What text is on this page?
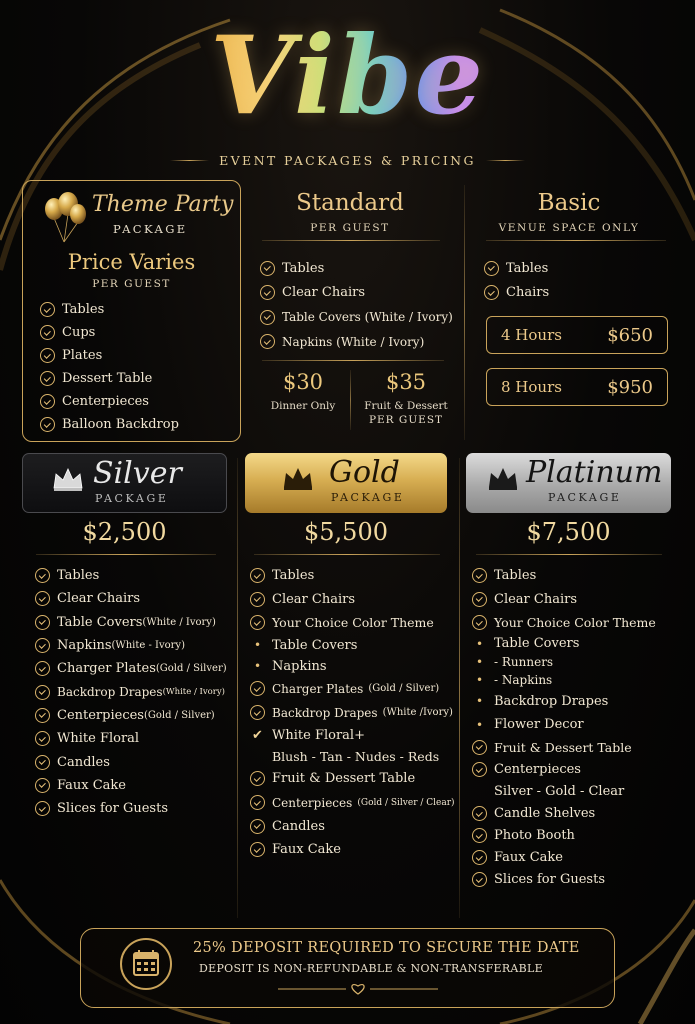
Vibe
EVENT PACKAGES & PRICING
Theme Party
PACKAGE
Price Varies
PER GUEST
Tables
Cups
Plates
Dessert Table
Centerpieces
Balloon Backdrop
Standard
PER GUEST
Tables
Clear Chairs
Table Covers (White / Ivory)
Napkins (White / Ivory)
$30
Dinner Only
$35
Fruit & Dessert
PER GUEST
Basic
VENUE SPACE ONLY
Tables
Chairs
4 Hours	$650
8 Hours	$950
Silver
PACKAGE
Gold
PACKAGE
Platinum
PACKAGE
$2,500	$5,500	$7,500
Tables
Clear Chairs
Table Covers (White / Ivory)
Napkins (White - Ivory)
Charger Plates (Gold / Silver)
Backdrop Drapes (White / Ivory)
Centerpieces (Gold / Silver)
White Floral
Candles
Faux Cake
Slices for Guests
Tables
Clear Chairs
Your Choice Color Theme
• Table Covers
• Napkins
Charger Plates
(Gold / Silver)
Backdrop Drapes
(White /Ivory)
✔ White Floral+
Blush - Tan - Nudes - Reds
Fruit & Dessert Table
Centerpieces
(Gold / Silver / Clear)
Candles
Faux Cake
Tables
Clear Chairs
Your Choice Color Theme
• Table Covers
• - Runners
• - Napkins
• Backdrop Drapes
• Flower Decor
Fruit & Dessert Table
Centerpieces
Silver - Gold - Clear
Candle Shelves
Photo Booth
Faux Cake
Slices for Guests
25% DEPOSIT REQUIRED TO SECURE THE DATE
DEPOSIT IS NON-REFUNDABLE & NON-TRANSFERABLE
